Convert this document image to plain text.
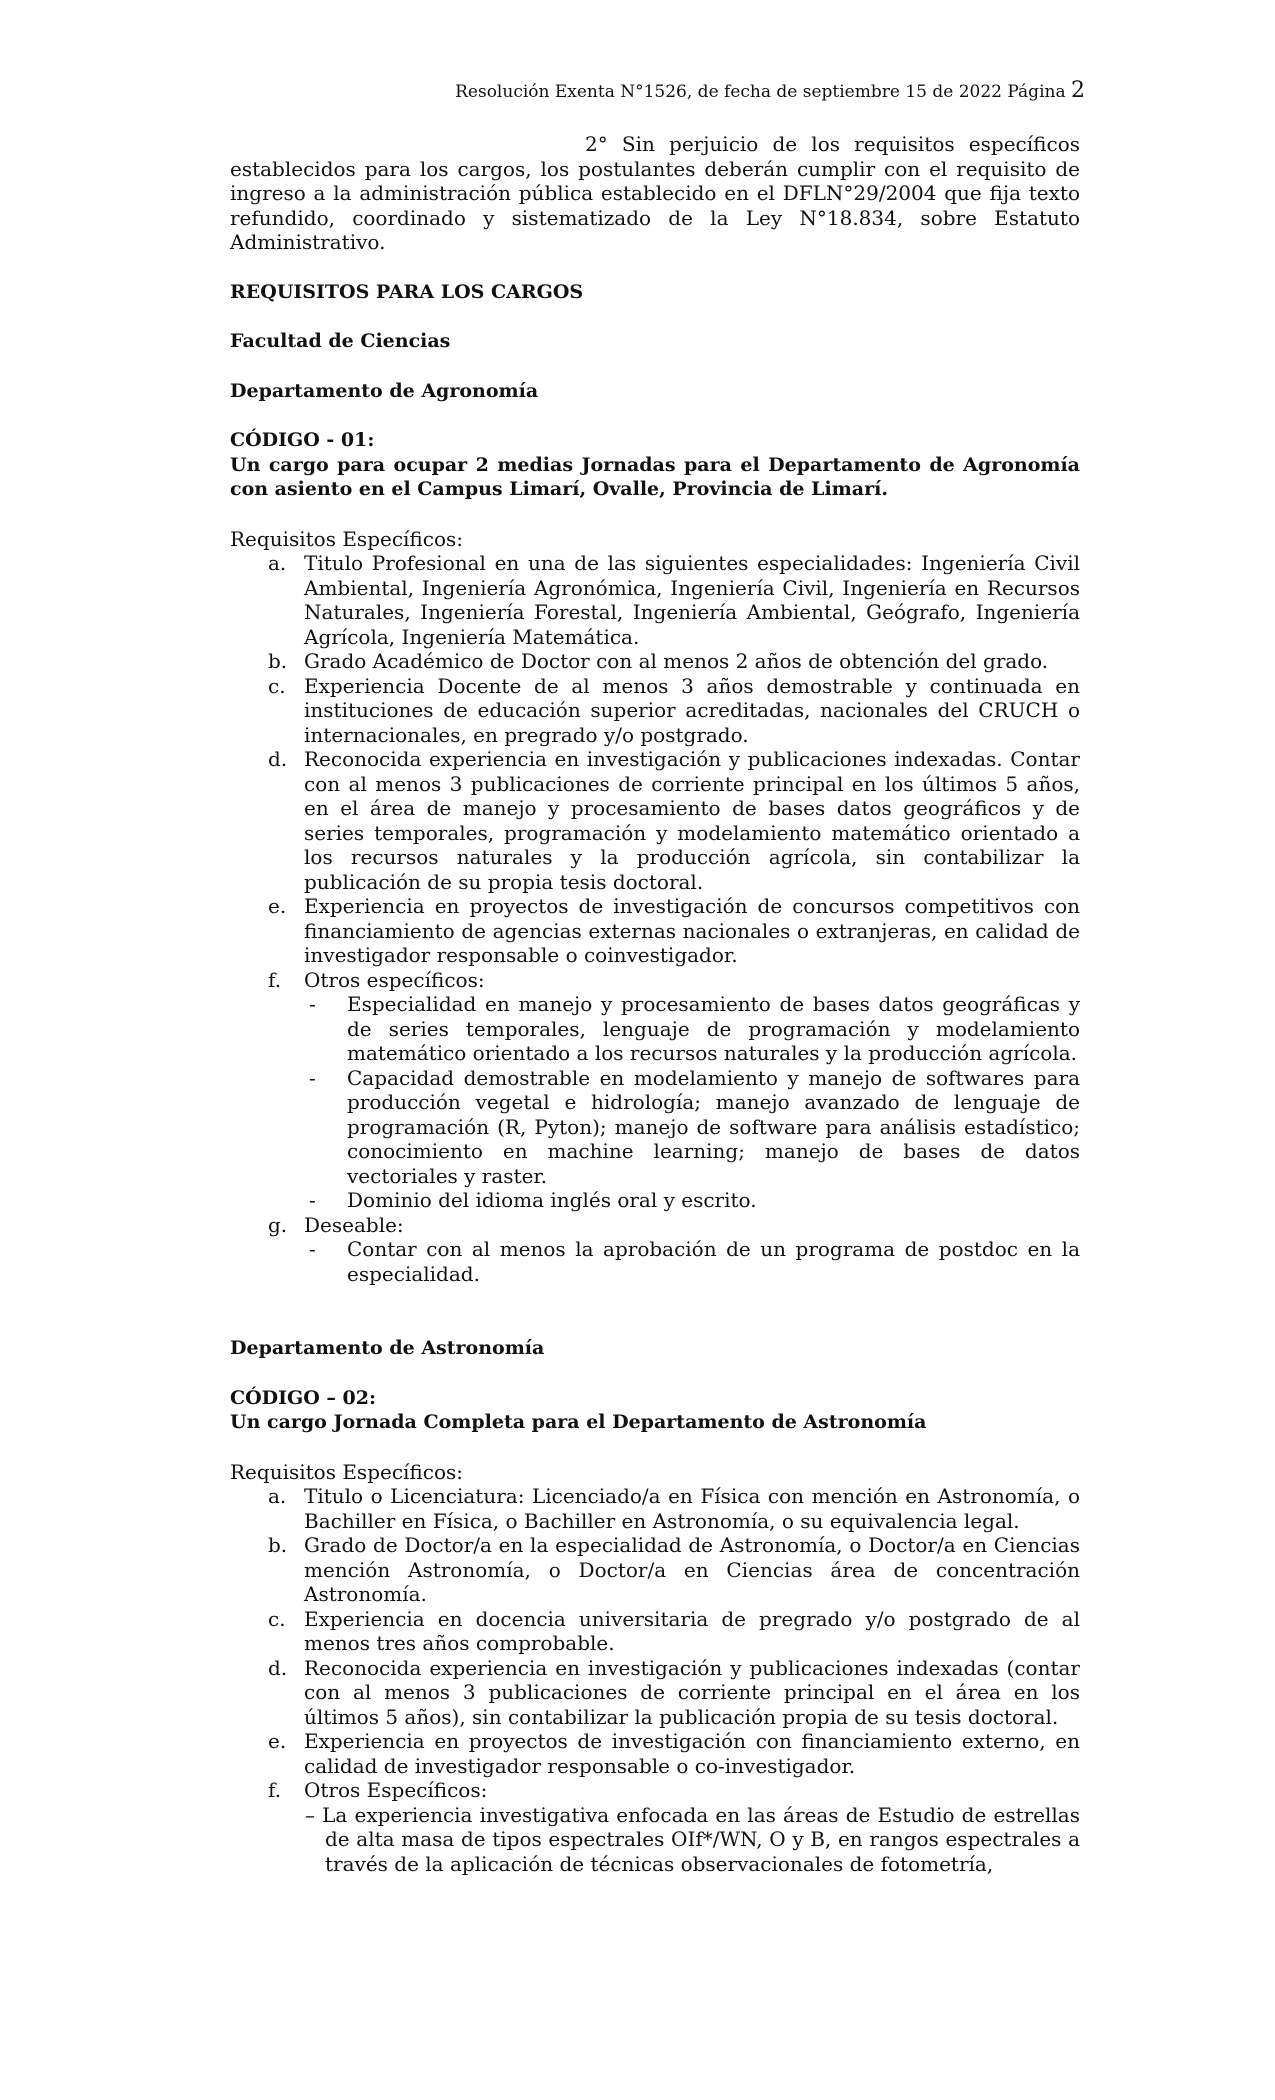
Resolución Exenta N°1526, de fecha de septiembre 15 de 2022 Página 2

2° Sin perjuicio de los requisitos específicos establecidos para los cargos, los postulantes deberán cumplir con el requisito de ingreso a la administración pública establecido en el DFLN°29/2004 que fija texto refundido, coordinado y sistematizado de la Ley N°18.834, sobre Estatuto Administrativo.

REQUISITOS PARA LOS CARGOS

Facultad de Ciencias

Departamento de Agronomía

CÓDIGO - 01:

Un cargo para ocupar 2 medias Jornadas para el Departamento de Agronomía con asiento en el Campus Limarí, Ovalle, Provincia de Limarí.

Requisitos Específicos:

a. Titulo Profesional en una de las siguientes especialidades: Ingeniería Civil Ambiental, Ingeniería Agronómica, Ingeniería Civil, Ingeniería en Recursos Naturales, Ingeniería Forestal, Ingeniería Ambiental, Geógrafo, Ingeniería Agrícola, Ingeniería Matemática.
b. Grado Académico de Doctor con al menos 2 años de obtención del grado.
c. Experiencia Docente de al menos 3 años demostrable y continuada en instituciones de educación superior acreditadas, nacionales del CRUCH o internacionales, en pregrado y/o postgrado.
d. Reconocida experiencia en investigación y publicaciones indexadas. Contar con al menos 3 publicaciones de corriente principal en los últimos 5 años, en el área de manejo y procesamiento de bases datos geográficos y de series temporales, programación y modelamiento matemático orientado a los recursos naturales y la producción agrícola, sin contabilizar la publicación de su propia tesis doctoral.
e. Experiencia en proyectos de investigación de concursos competitivos con financiamiento de agencias externas nacionales o extranjeras, en calidad de investigador responsable o coinvestigador.
f. Otros específicos:
- Especialidad en manejo y procesamiento de bases datos geográficas y de series temporales, lenguaje de programación y modelamiento matemático orientado a los recursos naturales y la producción agrícola.
- Capacidad demostrable en modelamiento y manejo de softwares para producción vegetal e hidrología; manejo avanzado de lenguaje de programación (R, Pyton); manejo de software para análisis estadístico; conocimiento en machine learning; manejo de bases de datos vectoriales y raster.
- Dominio del idioma inglés oral y escrito.
g. Deseable:
- Contar con al menos la aprobación de un programa de postdoc en la especialidad.

Departamento de Astronomía

CÓDIGO – 02:

Un cargo Jornada Completa para el Departamento de Astronomía

Requisitos Específicos:

a. Titulo o Licenciatura: Licenciado/a en Física con mención en Astronomía, o Bachiller en Física, o Bachiller en Astronomía, o su equivalencia legal.
b. Grado de Doctor/a en la especialidad de Astronomía, o Doctor/a en Ciencias mención Astronomía, o Doctor/a en Ciencias área de concentración Astronomía.
c. Experiencia en docencia universitaria de pregrado y/o postgrado de al menos tres años comprobable.
d. Reconocida experiencia en investigación y publicaciones indexadas (contar con al menos 3 publicaciones de corriente principal en el área en los últimos 5 años), sin contabilizar la publicación propia de su tesis doctoral.
e. Experiencia en proyectos de investigación con financiamiento externo, en calidad de investigador responsable o co-investigador.
f. Otros Específicos:
– La experiencia investigativa enfocada en las áreas de Estudio de estrellas de alta masa de tipos espectrales OIf*/WN, O y B, en rangos espectrales a través de la aplicación de técnicas observacionales de fotometría,
